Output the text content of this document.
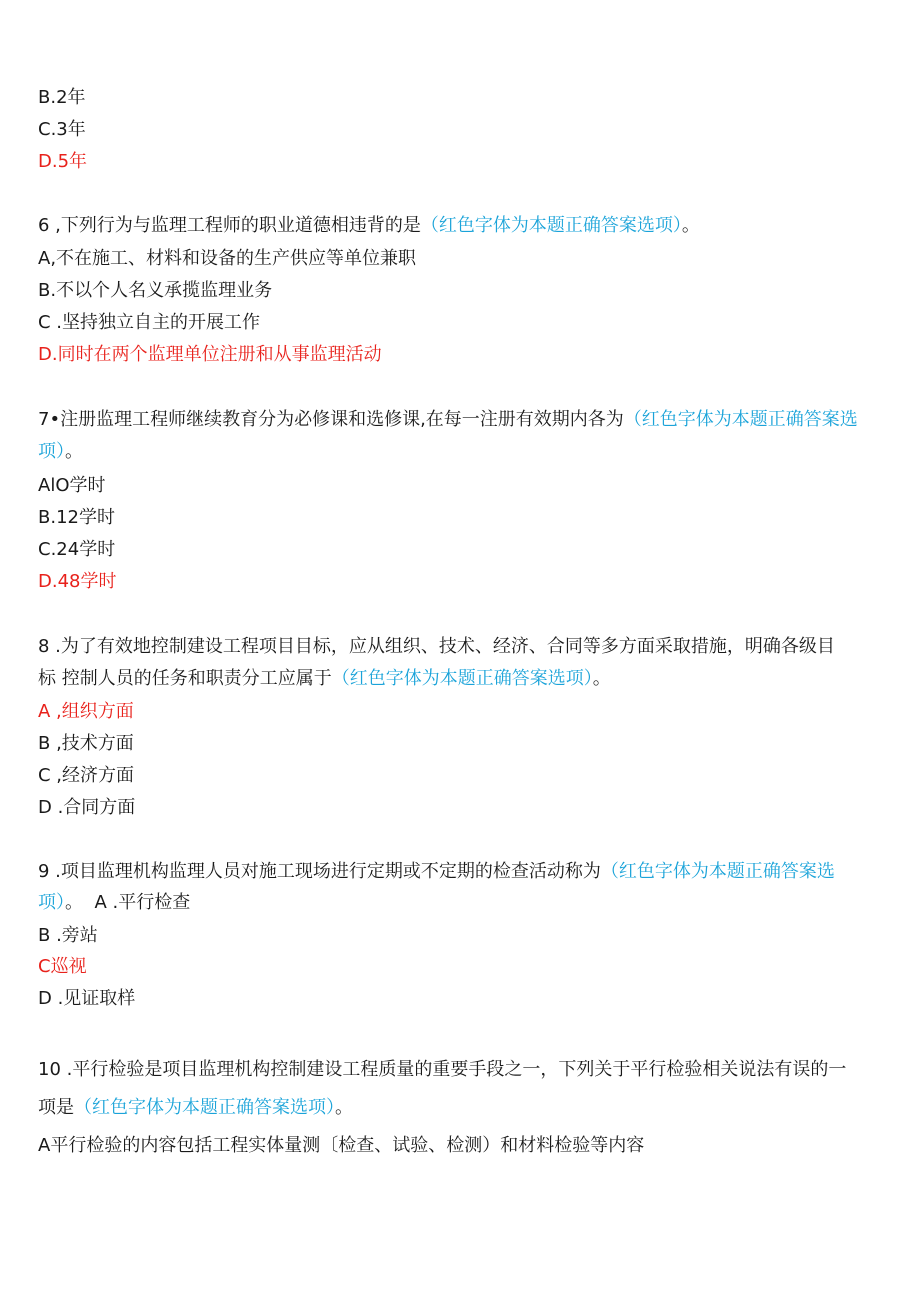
B.2年
C.3年
D.5年
6 ,下列行为与监理工程师的职业道德相违背的是（红色字体为本题正确答案选项）。
A,不在施工、材料和设备的生产供应等单位兼职
B.不以个人名义承揽监理业务
C .坚持独立自主的开展工作
D.同时在两个监理单位注册和从事监理活动
7•注册监理工程师继续教育分为必修课和选修课,在每一注册有效期内各为（红色字体为本题正确答案选
项）。
AlO学时
B.12学时
C.24学时
D.48学时
8 .为了有效地控制建设工程项目目标，应从组织、技术、经济、合同等多方面采取措施，明确各级目
标 控制人员的任务和职责分工应属于（红色字体为本题正确答案选项）。
A ,组织方面
B ,技术方面
C ,经济方面
D .合同方面
9 .项目监理机构监理人员对施工现场进行定期或不定期的检查活动称为（红色字体为本题正确答案选
项）。 A .平行检查
B .旁站
C巡视
D .见证取样
10 .平行检验是项目监理机构控制建设工程质量的重要手段之一，下列关于平行检验相关说法有误的一
项是（红色字体为本题正确答案选项）。
A平行检验的内容包括工程实体量测〔检查、试验、检测）和材料检验等内容
